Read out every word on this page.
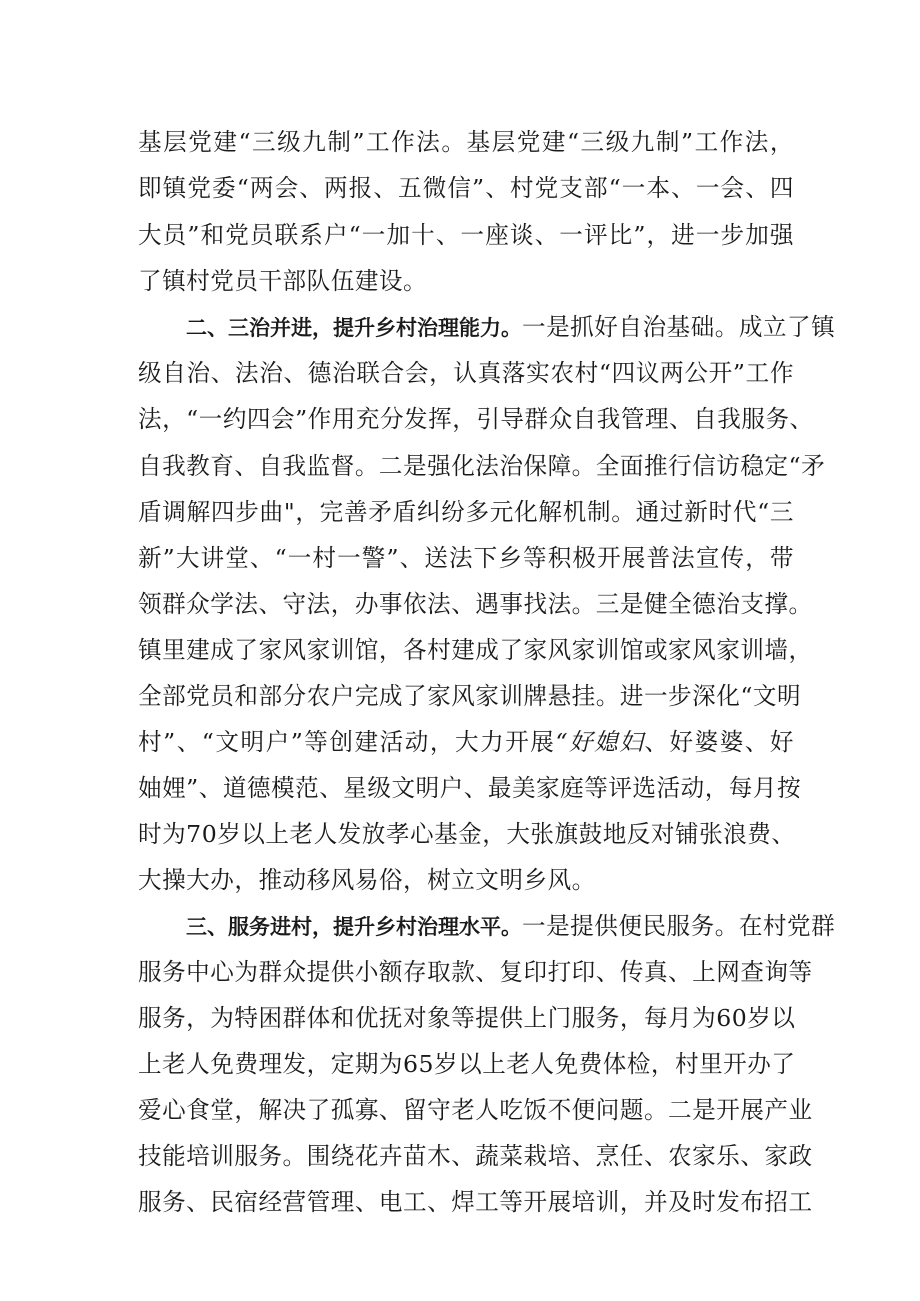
基层党建“三级九制”工作法。基层党建“三级九制”工作法，
即镇党委“两会、两报、五微信”、村党支部“一本、一会、四
大员”和党员联系户“一加十、一座谈、一评比”，进一步加强
了镇村党员干部队伍建设。
二、三治并进，提升乡村治理能力。一是抓好自治基础。成立了镇
级自治、法治、德治联合会，认真落实农村“四议两公开”工作
法，“一约四会”作用充分发挥，引导群众自我管理、自我服务、
自我教育、自我监督。二是强化法治保障。全面推行信访稳定“矛
盾调解四步曲"，完善矛盾纠纷多元化解机制。通过新时代“三
新”大讲堂、“一村一警”、送法下乡等积极开展普法宣传，带
领群众学法、守法，办事依法、遇事找法。三是健全德治支撑。
镇里建成了家风家训馆，各村建成了家风家训馆或家风家训墙，
全部党员和部分农户完成了家风家训牌悬挂。进一步深化“文明
村”、“文明户”等创建活动，大力开展“好媳妇、好婆婆、好
妯娌”、道德模范、星级文明户、最美家庭等评选活动，每月按
时为70岁以上老人发放孝心基金，大张旗鼓地反对铺张浪费、
大操大办，推动移风易俗，树立文明乡风。
三、服务进村，提升乡村治理水平。一是提供便民服务。在村党群
服务中心为群众提供小额存取款、复印打印、传真、上网查询等
服务，为特困群体和优抚对象等提供上门服务，每月为60岁以
上老人免费理发，定期为65岁以上老人免费体检，村里开办了
爱心食堂，解决了孤寡、留守老人吃饭不便问题。二是开展产业
技能培训服务。围绕花卉苗木、蔬菜栽培、烹任、农家乐、家政
服务、民宿经营管理、电工、焊工等开展培训，并及时发布招工
